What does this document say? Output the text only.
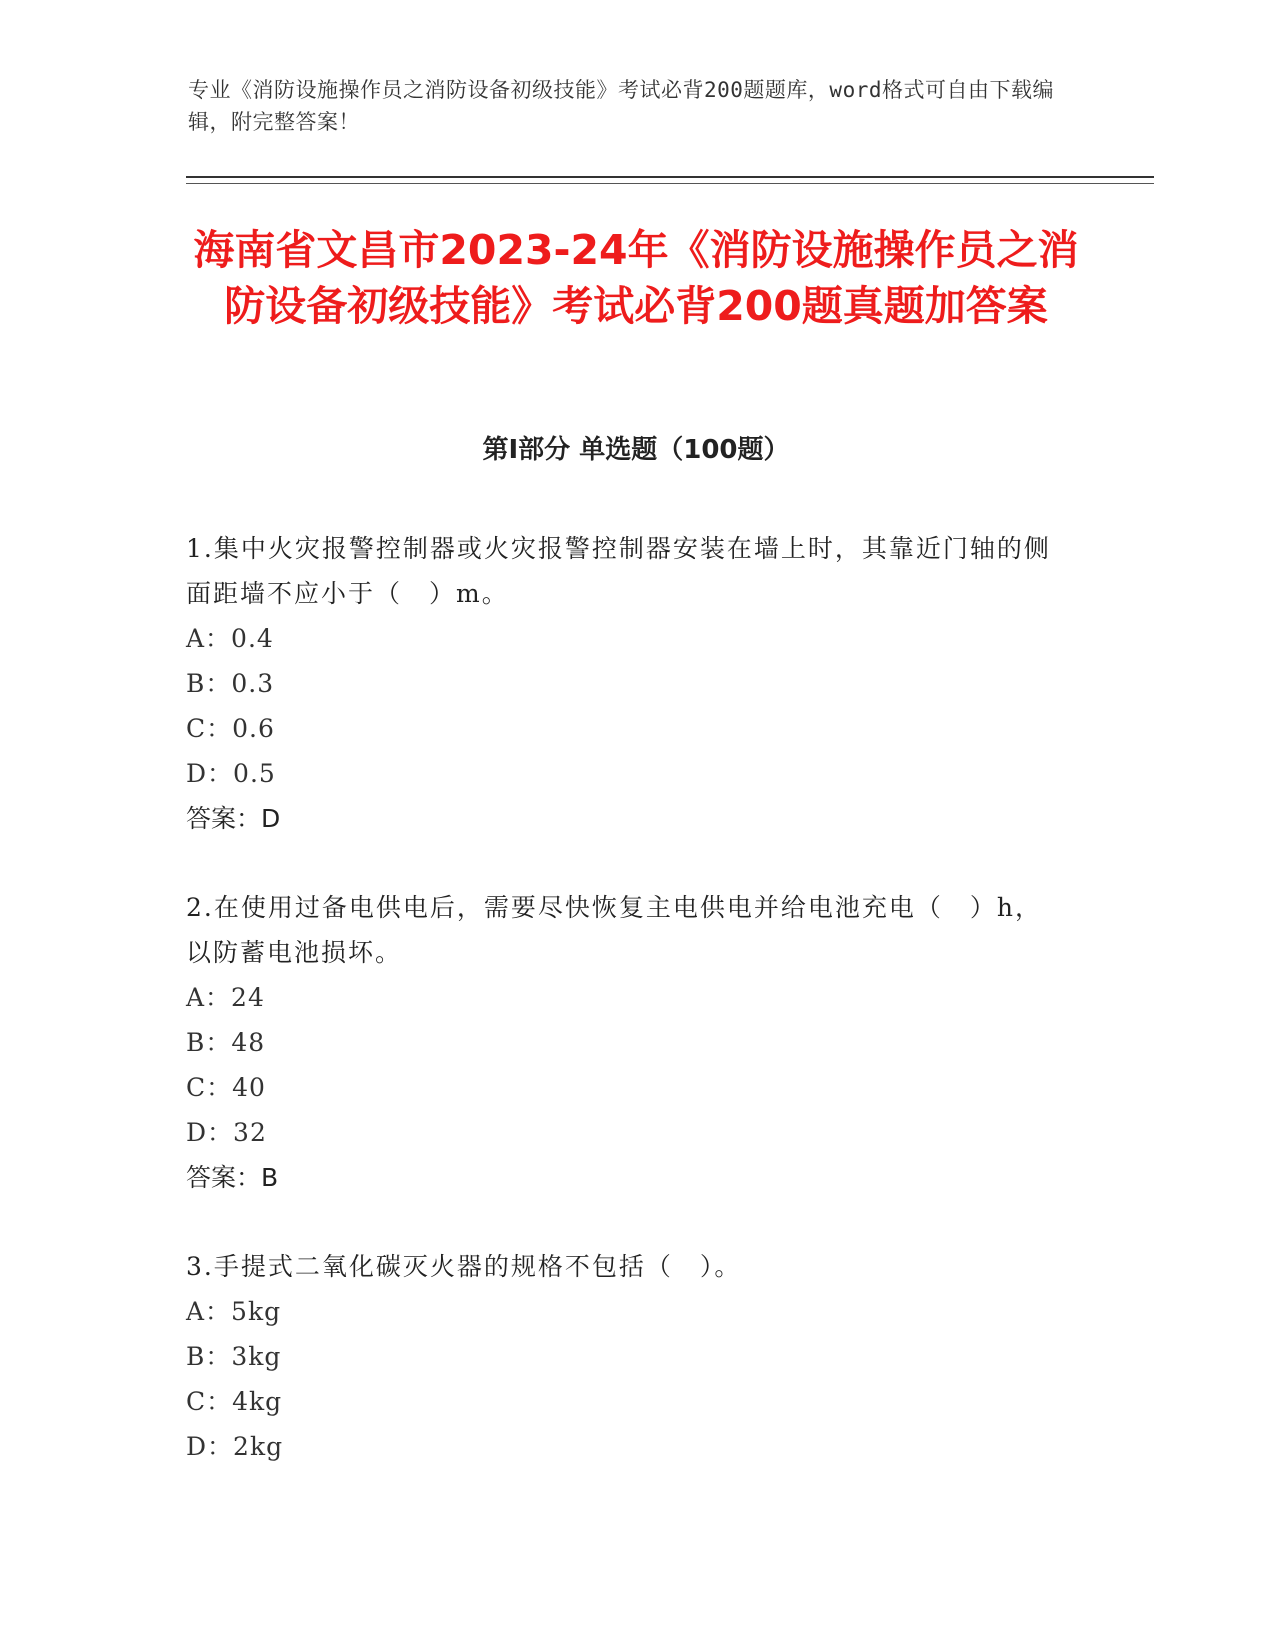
专业《消防设施操作员之消防设备初级技能》考试必背200题题库，word格式可自由下载编辑，附完整答案！
海南省文昌市2023-24年《消防设施操作员之消防设备初级技能》考试必背200题真题加答案
第Ⅰ部分 单选题（100题）
1.集中火灾报警控制器或火灾报警控制器安装在墙上时，其靠近门轴的侧面距墙不应小于（　）m。
A：0.4
B：0.3
C：0.6
D：0.5
答案：D
2.在使用过备电供电后，需要尽快恢复主电供电并给电池充电（　）h，以防蓄电池损坏。
A：24
B：48
C：40
D：32
答案：B
3.手提式二氧化碳灭火器的规格不包括（　）。
A：5kg
B：3kg
C：4kg
D：2kg
